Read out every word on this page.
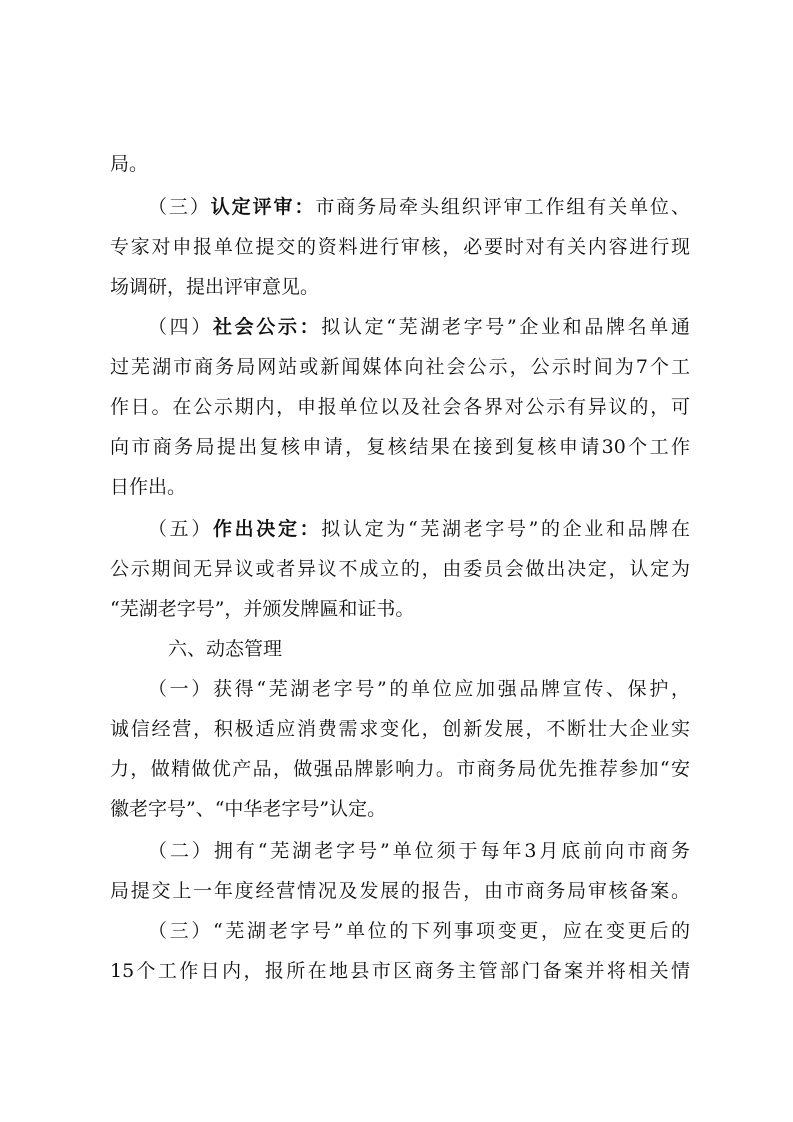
局。
（三）认定评审：市商务局牵头组织评审工作组有关单位、
专家对申报单位提交的资料进行审核，必要时对有关内容进行现
场调研，提出评审意见。
（四）社会公示：拟认定“芜湖老字号”企业和品牌名单通
过芜湖市商务局网站或新闻媒体向社会公示，公示时间为7个工
作日。在公示期内，申报单位以及社会各界对公示有异议的，可
向市商务局提出复核申请，复核结果在接到复核申请30个工作
日作出。
（五）作出决定：拟认定为“芜湖老字号”的企业和品牌在
公示期间无异议或者异议不成立的，由委员会做出决定，认定为
“芜湖老字号”，并颁发牌匾和证书。
六、动态管理
（一）获得“芜湖老字号”的单位应加强品牌宣传、保护，
诚信经营，积极适应消费需求变化，创新发展，不断壮大企业实
力，做精做优产品，做强品牌影响力。市商务局优先推荐参加“安
徽老字号”、“中华老字号”认定。
（二）拥有“芜湖老字号”单位须于每年3月底前向市商务
局提交上一年度经营情况及发展的报告，由市商务局审核备案。
（三）“芜湖老字号”单位的下列事项变更，应在变更后的
15个工作日内，报所在地县市区商务主管部门备案并将相关情
